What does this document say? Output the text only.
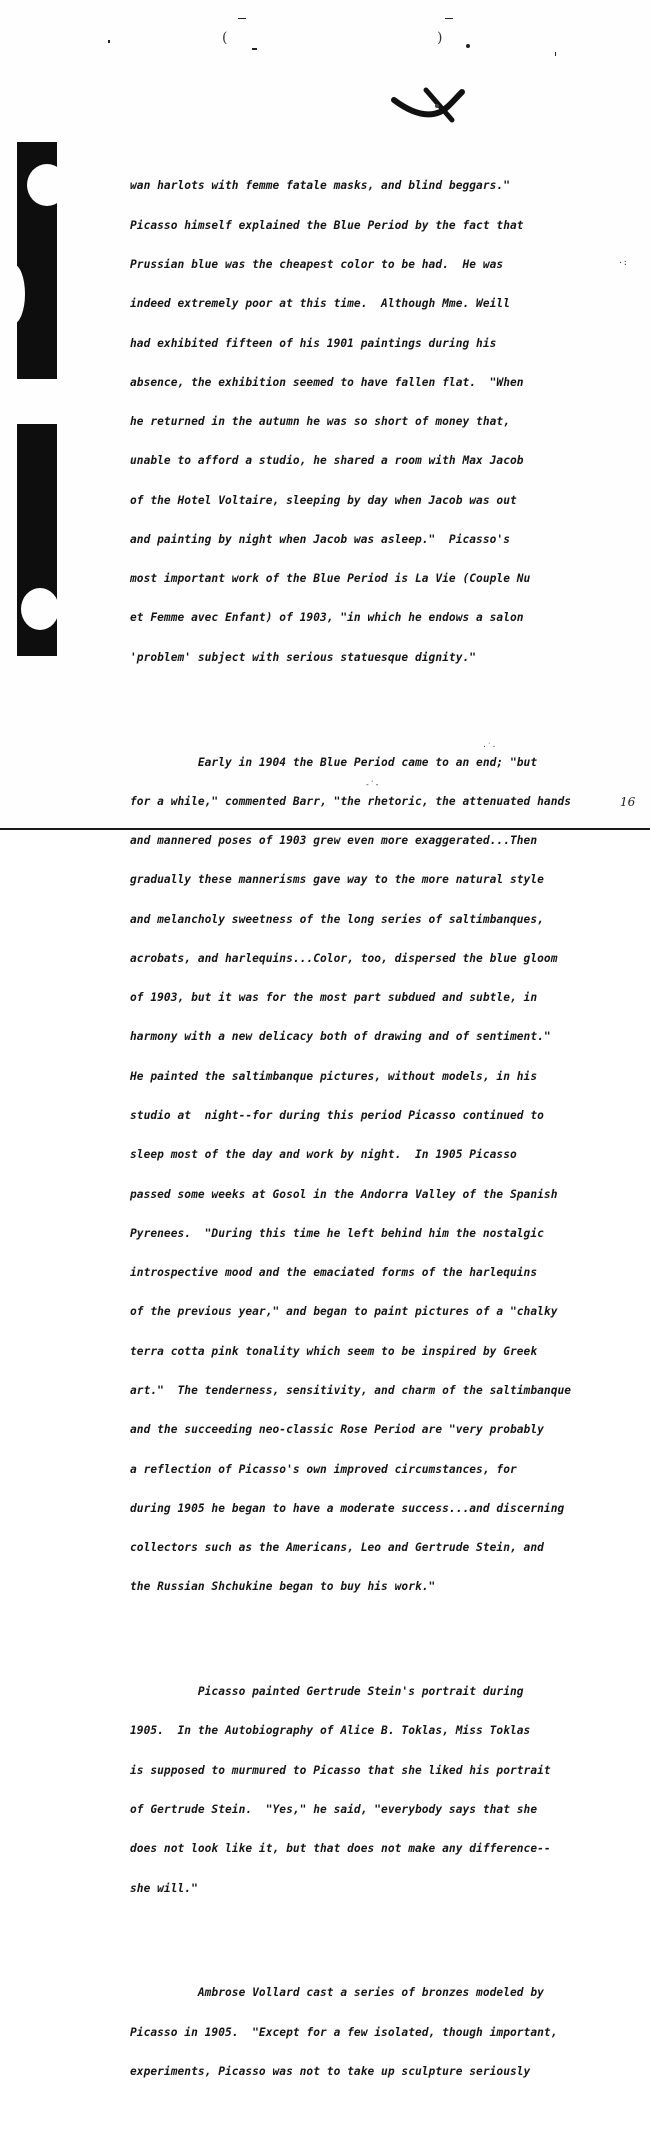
(	)

wan harlots with femme fatale masks, and blind beggars."

Picasso himself explained the Blue Period by the fact that

Prussian blue was the cheapest color to be had.  He was

indeed extremely poor at this time.  Although Mme. Weill

had exhibited fifteen of his 1901 paintings during his

absence, the exhibition seemed to have fallen flat.  "When

he returned in the autumn he was so short of money that,

unable to afford a studio, he shared a room with Max Jacob

of the Hotel Voltaire, sleeping by day when Jacob was out

and painting by night when Jacob was asleep."  Picasso's

most important work of the Blue Period is La Vie (Couple Nu

et Femme avec Enfant) of 1903, "in which he endows a salon

'problem' subject with serious statuesque dignity."

Early in 1904 the Blue Period came to an end; "but

for a while," commented Barr, "the rhetoric, the attenuated hands

and mannered poses of 1903 grew even more exaggerated...Then

gradually these mannerisms gave way to the more natural style

and melancholy sweetness of the long series of saltimbanques,

acrobats, and harlequins...Color, too, dispersed the blue gloom

of 1903, but it was for the most part subdued and subtle, in

harmony with a new delicacy both of drawing and of sentiment."

He painted the saltimbanque pictures, without models, in his

studio at  night--for during this period Picasso continued to

sleep most of the day and work by night.  In 1905 Picasso

passed some weeks at Gosol in the Andorra Valley of the Spanish

Pyrenees.  "During this time he left behind him the nostalgic

introspective mood and the emaciated forms of the harlequins

of the previous year," and began to paint pictures of a "chalky

terra cotta pink tonality which seem to be inspired by Greek

art."  The tenderness, sensitivity, and charm of the saltimbanque

and the succeeding neo-classic Rose Period are "very probably

a reflection of Picasso's own improved circumstances, for

during 1905 he began to have a moderate success...and discerning

collectors such as the Americans, Leo and Gertrude Stein, and

the Russian Shchukine began to buy his work."

Picasso painted Gertrude Stein's portrait during

1905.  In the Autobiography of Alice B. Toklas, Miss Toklas

is supposed to murmured to Picasso that she liked his portrait

of Gertrude Stein.  "Yes," he said, "everybody says that she

does not look like it, but that does not make any difference--

she will."

Ambrose Vollard cast a series of bronzes modeled by

Picasso in 1905.  "Except for a few isolated, though important,

experiments, Picasso was not to take up sculpture seriously

·˙·
-ˊ-
·:
16
